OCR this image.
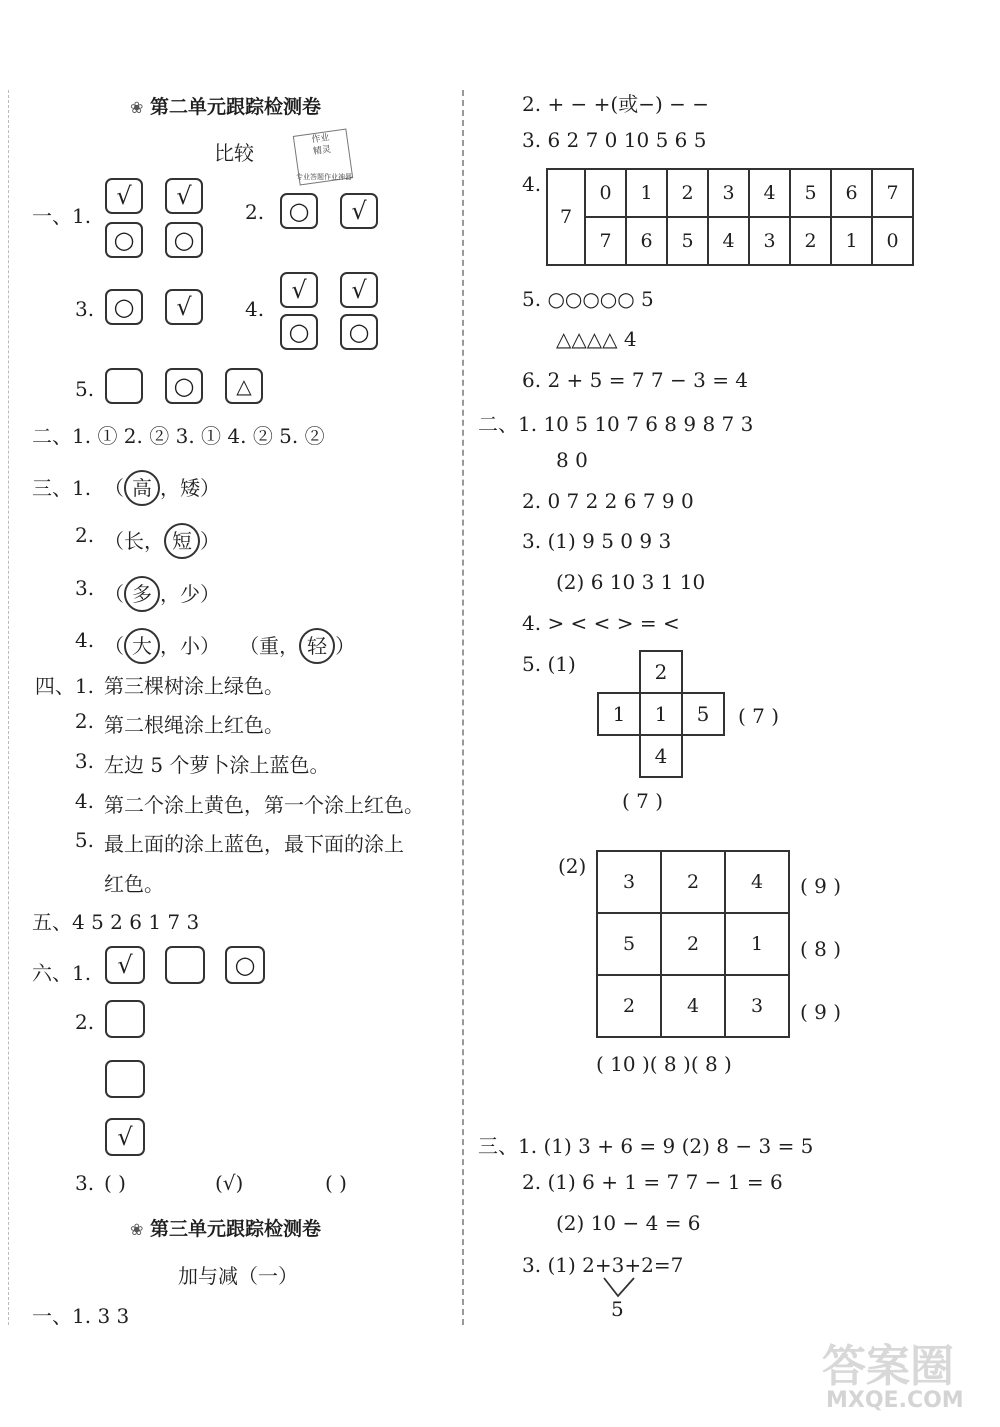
❀ 第二单元跟踪检测卷
比较
作业
精灵
专业答题作业神器
一、1.
√	√
○	○
2.	○	√
3. ○	√	4.
√	√
○	○
5.	○	△
二、1. ① 2. ② 3. ① 4. ② 5. ②
三、1. （ 高 ，矮）
2. （长， 短 ）
3. （ 多 ，少）
4. （ 大 ，小） （重， 轻 ）
四、1. 第三棵树涂上绿色。
2. 第二根绳涂上红色。
3. 左边 5 个萝卜涂上蓝色。
4. 第二个涂上黄色，第一个涂上红色。
5. 最上面的涂上蓝色，最下面的涂上
红色。
五、4 5 2 6 1 7 3
六、1.	√	○
2.
√
3. ( )	(√)	( )
❀ 第三单元跟踪检测卷
加与减（一）
一、1. 3 3
2. + − +(或−) − −
3. 6 2 7 0 10 5 6 5
4.
7	0	1	2	3	4	5	6	7
	7	6	5	4	3	2	1	0
5. ○○○○○ 5
△△△△ 4
6. 2 + 5 = 7 7 − 3 = 4
二、1. 10 5 10 7 6 8 9 8 7 3
8 0
2. 0 7 2 2 6 7 9 0
3. (1) 9 5 0 9 3
(2) 6 10 3 1 10
4. > < < > = <
5. (1)	2
1	1	5
4
( 7 )
( 7 )
(2)
3	2	4
5	2	1
2	4	3
( 9 )
( 8 )
( 9 )
( 10 )( 8 )( 8 )
三、1. (1) 3 + 6 = 9 (2) 8 − 3 = 5
2. (1) 6 + 1 = 7 7 − 1 = 6
(2) 10 − 4 = 6
3. (1) 2+3+2=7
5
答案圈
MXQE.COM
